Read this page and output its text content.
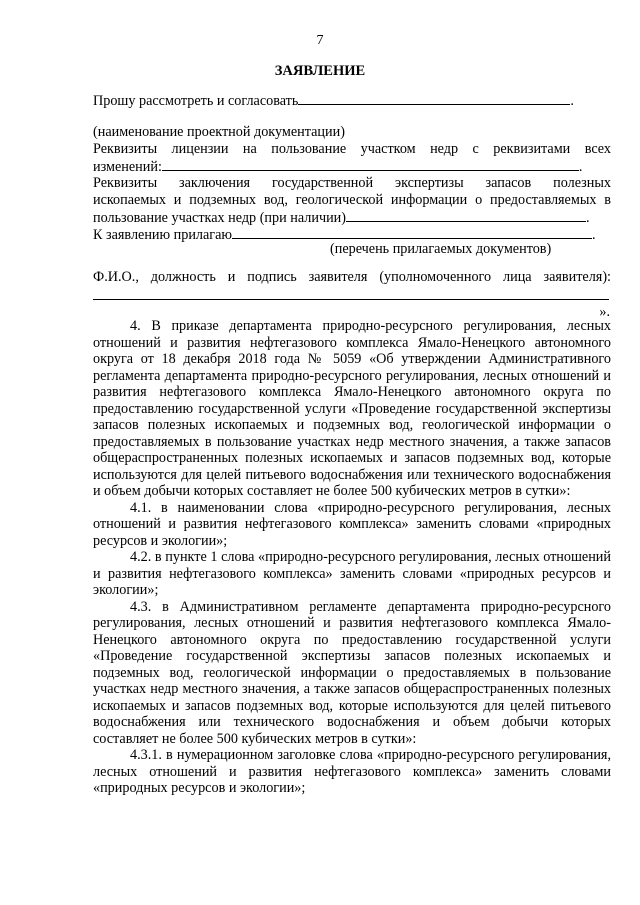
7
ЗАЯВЛЕНИЕ
Прошу рассмотреть и согласовать	.
(наименование проектной документации)
Реквизиты лицензии на пользование участком недр с реквизитами всех
изменений:	.
Реквизиты заключения государственной экспертизы запасов полезных
ископаемых и подземных вод, геологической информации о предоставляемых в
пользование участках недр (при наличии)	.
К заявлению прилагаю	.
(перечень прилагаемых документов)
Ф.И.О., должность и подпись заявителя (уполномоченного лица заявителя):
».

4. В приказе департамента природно-ресурсного регулирования, лесных отношений и развития нефтегазового комплекса Ямало-Ненецкого автономного округа от 18 декабря 2018 года № 5059 «Об утверждении Административного регламента департамента природно-ресурсного регулирования, лесных отношений и развития нефтегазового комплекса Ямало-Ненецкого автономного округа по предоставлению государственной услуги «Проведение государственной экспертизы запасов полезных ископаемых и подземных вод, геологической информации о предоставляемых в пользование участках недр местного значения, а также запасов общераспространенных полезных ископаемых и запасов подземных вод, которые используются для целей питьевого водоснабжения или технического водоснабжения и объем добычи которых составляет не более 500 кубических метров в сутки»:

4.1. в наименовании слова «природно-ресурсного регулирования, лесных отношений и развития нефтегазового комплекса» заменить словами «природных ресурсов и экологии»;

4.2. в пункте 1 слова «природно-ресурсного регулирования, лесных отношений и развития нефтегазового комплекса» заменить словами «природных ресурсов и экологии»;

4.3. в Административном регламенте департамента природно-ресурсного регулирования, лесных отношений и развития нефтегазового комплекса Ямало-Ненецкого автономного округа по предоставлению государственной услуги «Проведение государственной экспертизы запасов полезных ископаемых и подземных вод, геологической информации о предоставляемых в пользование участках недр местного значения, а также запасов общераспространенных полезных ископаемых и запасов подземных вод, которые используются для целей питьевого водоснабжения или технического водоснабжения и объем добычи которых составляет не более 500 кубических метров в сутки»:

4.3.1. в нумерационном заголовке слова «природно-ресурсного регулирования, лесных отношений и развития нефтегазового комплекса» заменить словами «природных ресурсов и экологии»;
